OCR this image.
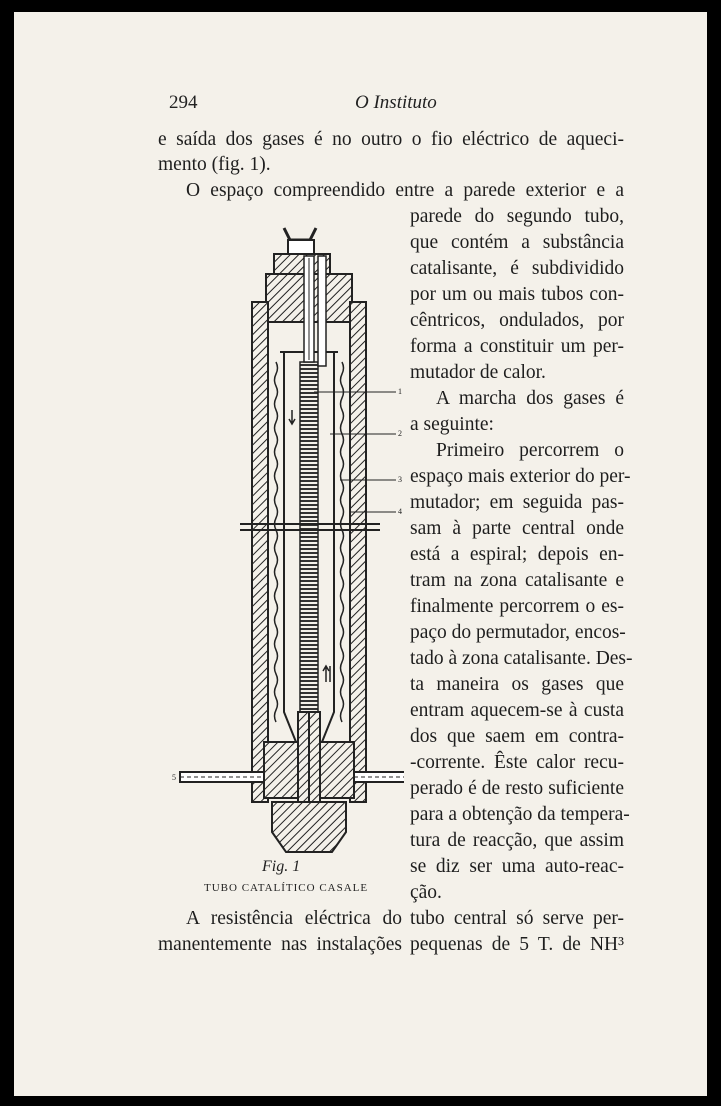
294	O Instituto
e saída dos gases é no outro o fio eléctrico de aqueci-
mento (fig. 1).
O espaço compreendido entre a parede exterior e a
parede do segundo tubo,
que contém a substância
catalisante, é subdividido
por um ou mais tubos con-
cêntricos, ondulados, por
forma a constituir um per-
mutador de calor.
A marcha dos gases é
a seguinte:
Primeiro percorrem o
espaço mais exterior do per-
mutador; em seguida pas-
sam à parte central onde
está a espiral; depois en-
tram na zona catalisante e
finalmente percorrem o es-
paço do permutador, encos-
tado à zona catalisante. Des-
ta maneira os gases que
entram aquecem-se à custa
dos que saem em contra-
-corrente. Êste calor recu-
perado é de resto suficiente
para a obtenção da tempera-
tura de reacção, que assim
se diz ser uma auto-reac-
ção.
A resistência eléctrica do tubo central só serve per-
manentemente nas instalações pequenas de 5 T. de NH³
1
2
3
4
5
Fig. 1
TUBO CATALÍTICO CASALE
